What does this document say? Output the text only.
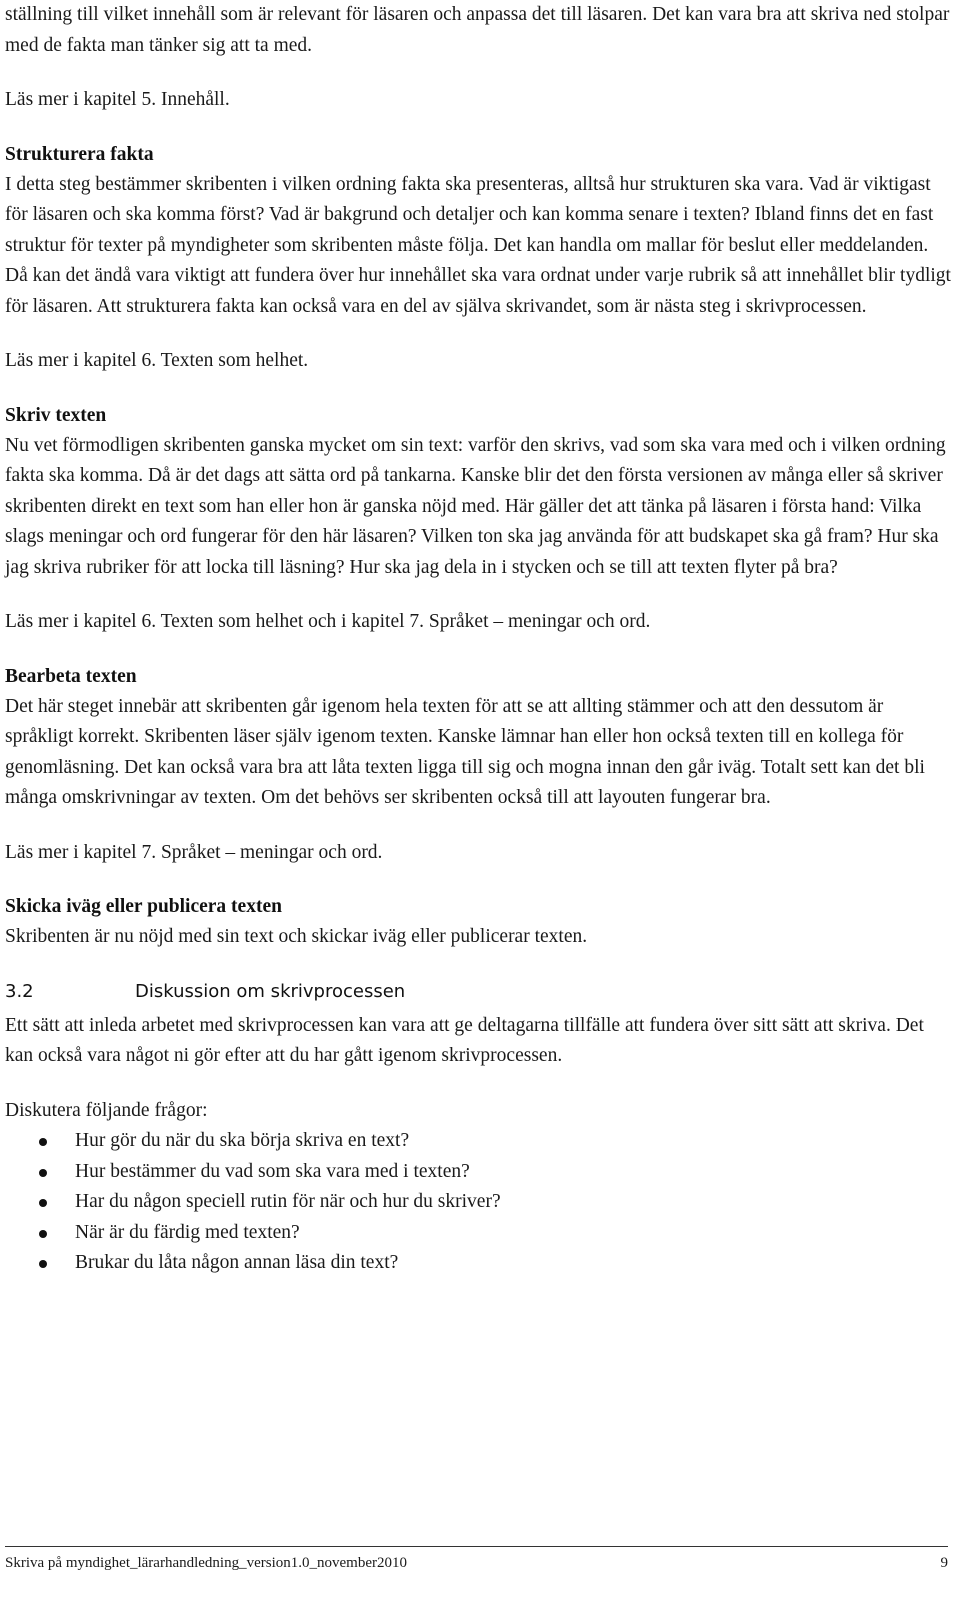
ställning till vilket innehåll som är relevant för läsaren och anpassa det till läsaren. Det kan vara bra att skriva ned stolpar med de fakta man tänker sig att ta med.

Läs mer i kapitel 5. Innehåll.

Strukturera fakta

I detta steg bestämmer skribenten i vilken ordning fakta ska presenteras, alltså hur strukturen ska vara. Vad är viktigast för läsaren och ska komma först? Vad är bakgrund och detaljer och kan komma senare i texten? Ibland finns det en fast struktur för texter på myndigheter som skribenten måste följa. Det kan handla om mallar för beslut eller meddelanden. Då kan det ändå vara viktigt att fundera över hur innehållet ska vara ordnat under varje rubrik så att innehållet blir tydligt för läsaren. Att strukturera fakta kan också vara en del av själva skrivandet, som är nästa steg i skrivprocessen.

Läs mer i kapitel 6. Texten som helhet.

Skriv texten

Nu vet förmodligen skribenten ganska mycket om sin text: varför den skrivs, vad som ska vara med och i vilken ordning fakta ska komma. Då är det dags att sätta ord på tankarna. Kanske blir det den första versionen av många eller så skriver skribenten direkt en text som han eller hon är ganska nöjd med. Här gäller det att tänka på läsaren i första hand: Vilka slags meningar och ord fungerar för den här läsaren? Vilken ton ska jag använda för att budskapet ska gå fram? Hur ska jag skriva rubriker för att locka till läsning? Hur ska jag dela in i stycken och se till att texten flyter på bra?

Läs mer i kapitel 6. Texten som helhet och i kapitel 7. Språket – meningar och ord.

Bearbeta texten

Det här steget innebär att skribenten går igenom hela texten för att se att allting stämmer och att den dessutom är språkligt korrekt. Skribenten läser själv igenom texten. Kanske lämnar han eller hon också texten till en kollega för genomläsning. Det kan också vara bra att låta texten ligga till sig och mogna innan den går iväg. Totalt sett kan det bli många omskrivningar av texten. Om det behövs ser skribenten också till att layouten fungerar bra.

Läs mer i kapitel 7. Språket – meningar och ord.

Skicka iväg eller publicera texten

Skribenten är nu nöjd med sin text och skickar iväg eller publicerar texten.

3.2	Diskussion om skrivprocessen

Ett sätt att inleda arbetet med skrivprocessen kan vara att ge deltagarna tillfälle att fundera över sitt sätt att skriva. Det kan också vara något ni gör efter att du har gått igenom skrivprocessen.

Diskutera följande frågor:

Hur gör du när du ska börja skriva en text?
Hur bestämmer du vad som ska vara med i texten?
Har du någon speciell rutin för när och hur du skriver?
När är du färdig med texten?
Brukar du låta någon annan läsa din text?
Skriva på myndighet_lärarhandledning_version1.0_november2010	9
